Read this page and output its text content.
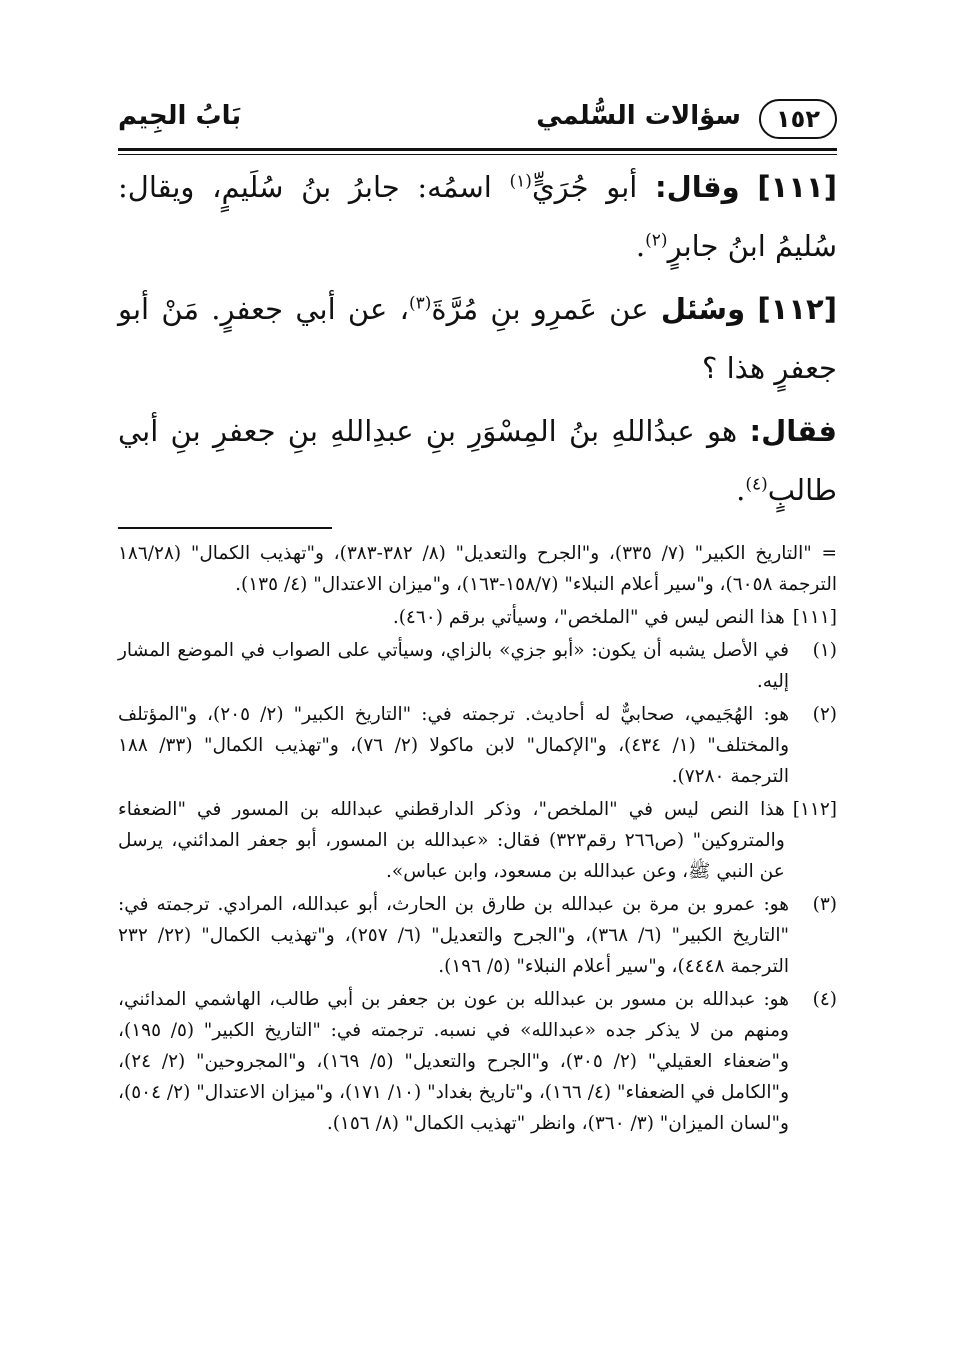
١٥٢
سؤالات السُّلمي
بَابُ الجِيم

[١١١] وقال: أبو جُرَيٍّ$^{(١)}$ اسمُه: جابرُ بنُ سُلَيمٍ، ويقال: سُليمُ ابنُ جابرٍ$^{(٢)}$.

[١١٢] وسُئل عن عَمرِو بنِ مُرَّةَ$^{(٣)}$، عن أبي جعفرٍ. مَنْ أبو جعفرٍ هذا ؟

فقال: هو عبدُاللهِ بنُ المِسْوَرِ بنِ عبدِاللهِ بنِ جعفرِ بنِ أبي طالبٍ$^{(٤)}$.

= "التاريخ الكبير" (٧/ ٣٣٥)، و"الجرح والتعديل" (٨/ ٣٨٢-٣٨٣)، و"تهذيب الكمال" (١٨٦/٢٨ الترجمة ٦٠٥٨)، و"سير أعلام النبلاء" (١٥٨/٧-١٦٣)، و"ميزان الاعتدال" (٤/ ١٣٥).
[١١١]
هذا النص ليس في "الملخص"، وسيأتي برقم (٤٦٠).
(١)
في الأصل يشبه أن يكون: «أبو جزي» بالزاي، وسيأتي على الصواب في الموضع المشار إليه.
(٢)
هو: الهُجَيمي، صحابيٌّ له أحاديث. ترجمته في: "التاريخ الكبير" (٢/ ٢٠٥)، و"المؤتلف والمختلف" (١/ ٤٣٤)، و"الإكمال" لابن ماكولا (٢/ ٧٦)، و"تهذيب الكمال" (٣٣/ ١٨٨ الترجمة ٧٢٨٠).
[١١٢]
هذا النص ليس في "الملخص"، وذكر الدارقطني عبدالله بن المسور في "الضعفاء والمتروكين" (ص٢٦٦ رقم٣٢٣) فقال: «عبدالله بن المسور، أبو جعفر المدائني، يرسل عن النبي ﷺ، وعن عبدالله بن مسعود، وابن عباس».
(٣)
هو: عمرو بن مرة بن عبدالله بن طارق بن الحارث، أبو عبدالله، المرادي. ترجمته في: "التاريخ الكبير" (٦/ ٣٦٨)، و"الجرح والتعديل" (٦/ ٢٥٧)، و"تهذيب الكمال" (٢٢/ ٢٣٢ الترجمة ٤٤٤٨)، و"سير أعلام النبلاء" (٥/ ١٩٦).
(٤)
هو: عبدالله بن مسور بن عبدالله بن عون بن جعفر بن أبي طالب، الهاشمي المدائني، ومنهم من لا يذكر جده «عبدالله» في نسبه. ترجمته في: "التاريخ الكبير" (٥/ ١٩٥)، و"ضعفاء العقيلي" (٢/ ٣٠٥)، و"الجرح والتعديل" (٥/ ١٦٩)، و"المجروحين" (٢/ ٢٤)، و"الكامل في الضعفاء" (٤/ ١٦٦)، و"تاريخ بغداد" (١٠/ ١٧١)، و"ميزان الاعتدال" (٢/ ٥٠٤)، و"لسان الميزان" (٣/ ٣٦٠)، وانظر "تهذيب الكمال" (٨/ ١٥٦).
